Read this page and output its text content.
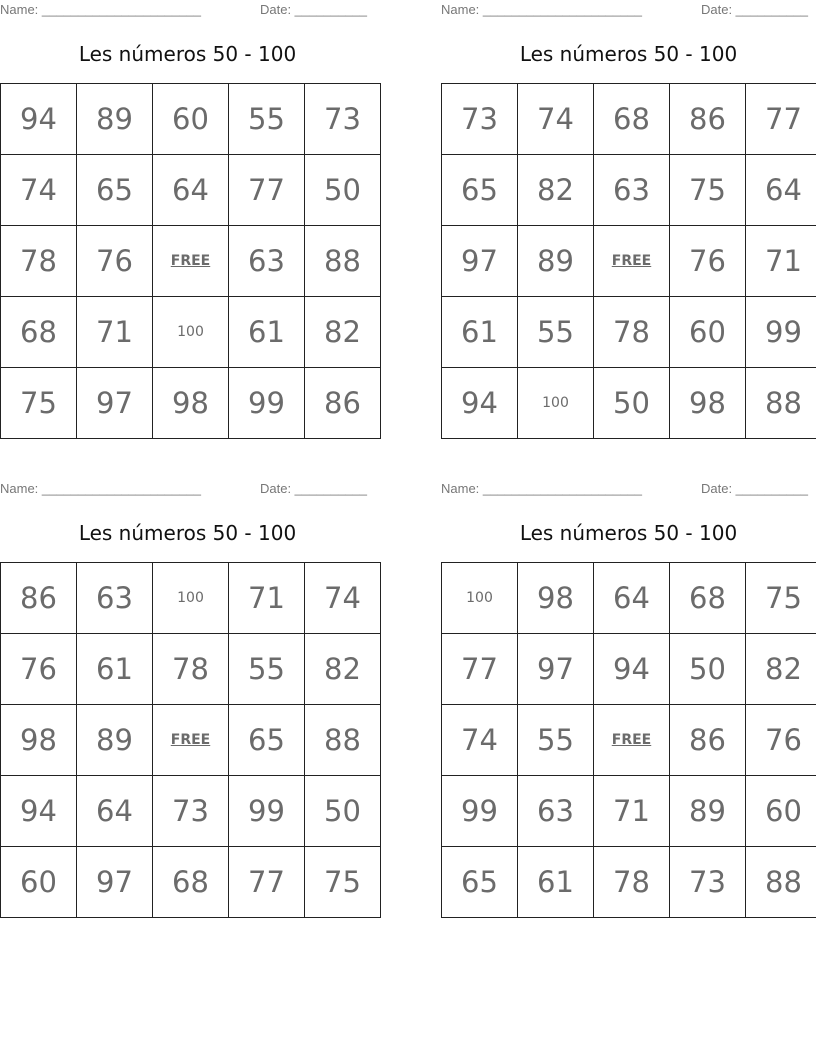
Name: ______________________	Date: __________
Les números 50 - 100
94	89	60	55	73
74	65	64	77	50
78	76	FREE	63	88
68	71	100	61	82
75	97	98	99	86
Name: ______________________	Date: __________
Les números 50 - 100
73	74	68	86	77
65	82	63	75	64
97	89	FREE	76	71
61	55	78	60	99
94	100	50	98	88
Name: ______________________	Date: __________
Les números 50 - 100
86	63	100	71	74
76	61	78	55	82
98	89	FREE	65	88
94	64	73	99	50
60	97	68	77	75
Name: ______________________	Date: __________
Les números 50 - 100
100	98	64	68	75
77	97	94	50	82
74	55	FREE	86	76
99	63	71	89	60
65	61	78	73	88
